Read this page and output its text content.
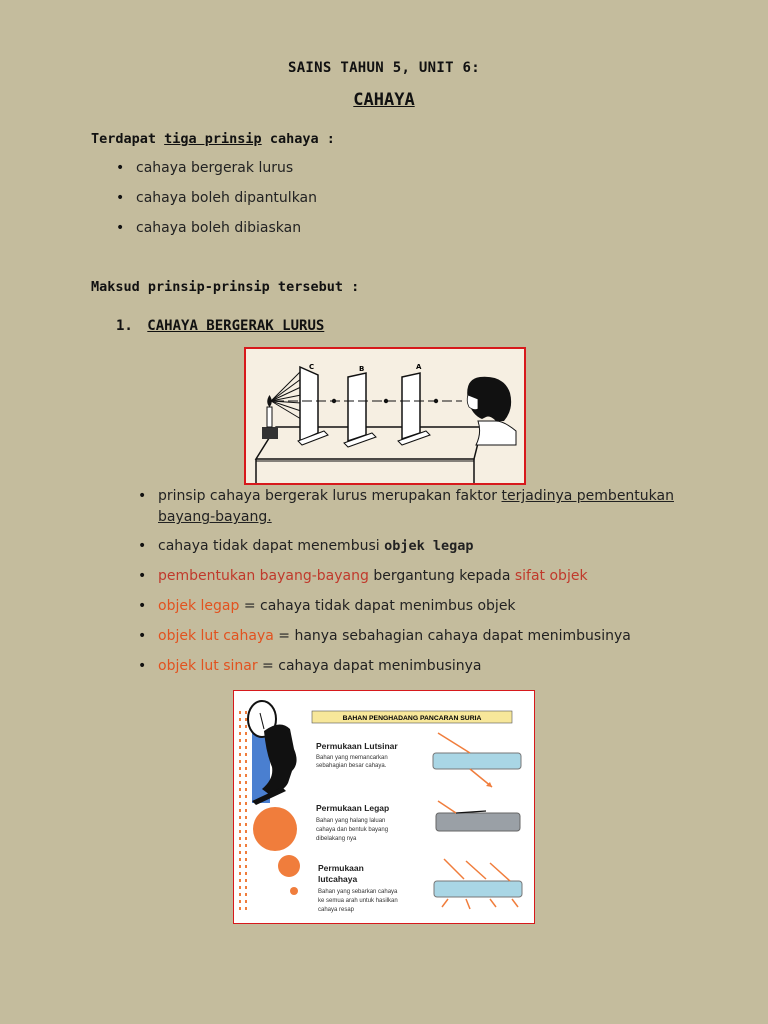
SAINS TAHUN 5, UNIT 6:
CAHAYA
Terdapat tiga prinsip cahaya :
• cahaya bergerak lurus
• cahaya boleh dipantulkan
• cahaya boleh dibiaskan
Maksud prinsip-prinsip tersebut :
1. CAHAYA BERGERAK LURUS
C	B	A
• prinsip cahaya bergerak lurus merupakan faktor terjadinya pembentukan bayang-bayang.
• cahaya tidak dapat menembusi objek legap
• pembentukan bayang-bayang bergantung kepada sifat objek
• objek legap = cahaya tidak dapat menimbus objek
• objek lut cahaya = hanya sebahagian cahaya dapat menimbusinya
• objek lut sinar = cahaya dapat menimbusinya
BAHAN PENGHADANG PANCARAN SURIA
Permukaan Lutsinar
Bahan yang memancarkan
sebahagian besar cahaya.
Permukaan Legap
Bahan yang halang laluan
cahaya dan bentuk bayang
dibelakang nya
Permukaan
lutcahaya
Bahan yang sebarkan cahaya
ke semua arah untuk hasilkan
cahaya resap
